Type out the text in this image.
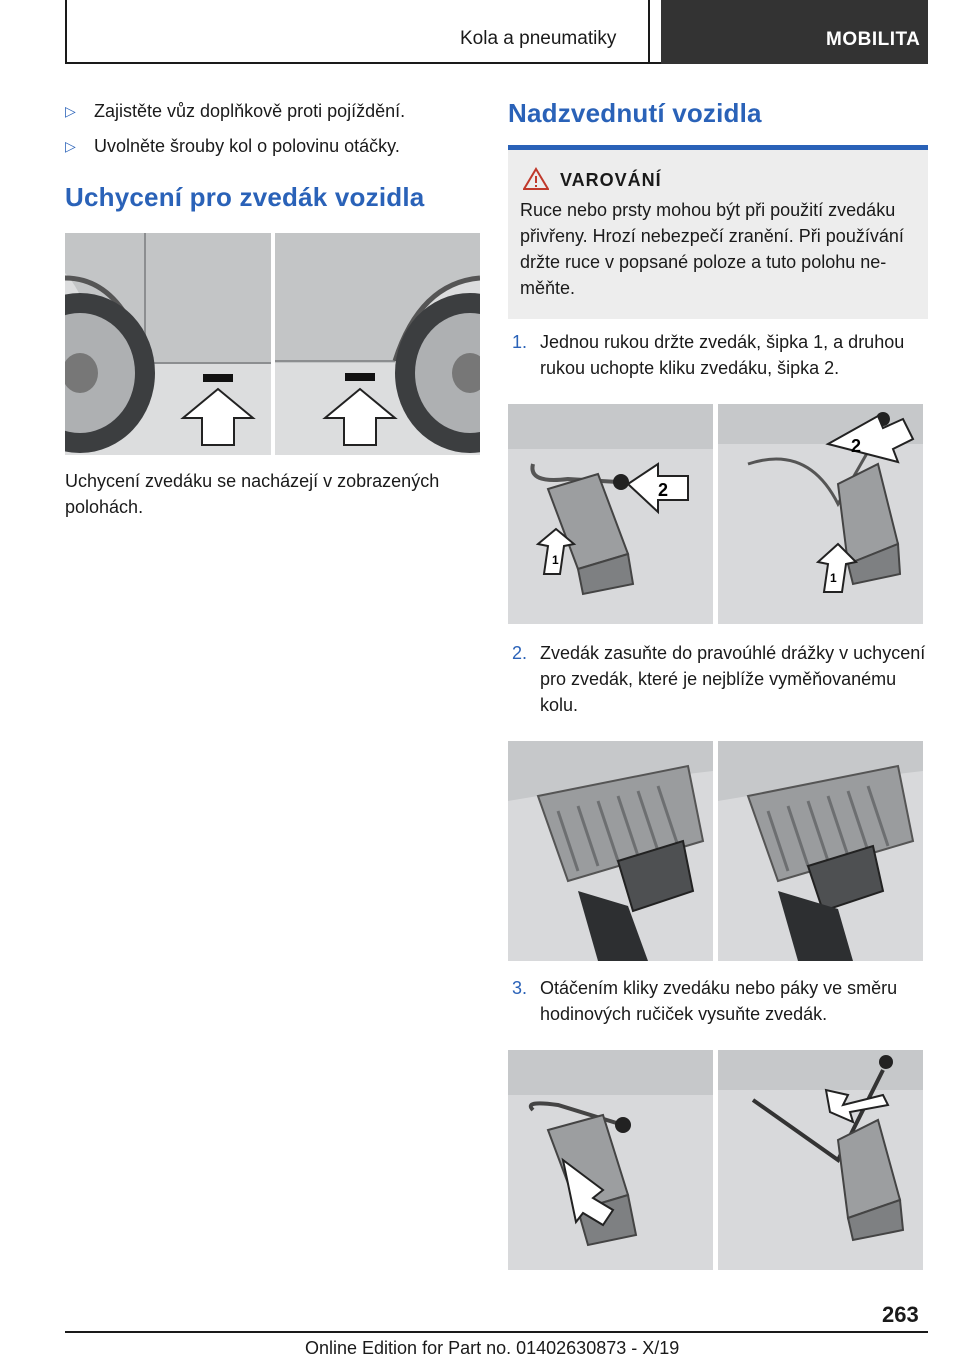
Kola a pneumatiky	MOBILITA
▷ Zajistěte vůz doplňkově proti pojíždění.
▷ Uvolněte šrouby kol o polovinu otáčky.
Uchycení pro zvedák vozidla
Uchycení zvedáku se nacházejí v zobrazených polohách.
Nadzvednutí vozidla
VAROVÁNÍ
Ruce nebo prsty mohou být při použití zvedáku přivřeny. Hrozí nebezpečí zranění. Při používání držte ruce v popsané poloze a tuto polohu neměňte.
1. Jednou rukou držte zvedák, šipka 1, a druhou rukou uchopte kliku zvedáku, šipka 2.
1
2
2
1
2. Zvedák zasuňte do pravoúhlé drážky v uchycení pro zvedák, které je nejblíže vyměňovanému kolu.
3. Otáčením kliky zvedáku nebo páky ve směru hodinových ručiček vysuňte zvedák.
263
Online Edition for Part no. 01402630873 - X/19
